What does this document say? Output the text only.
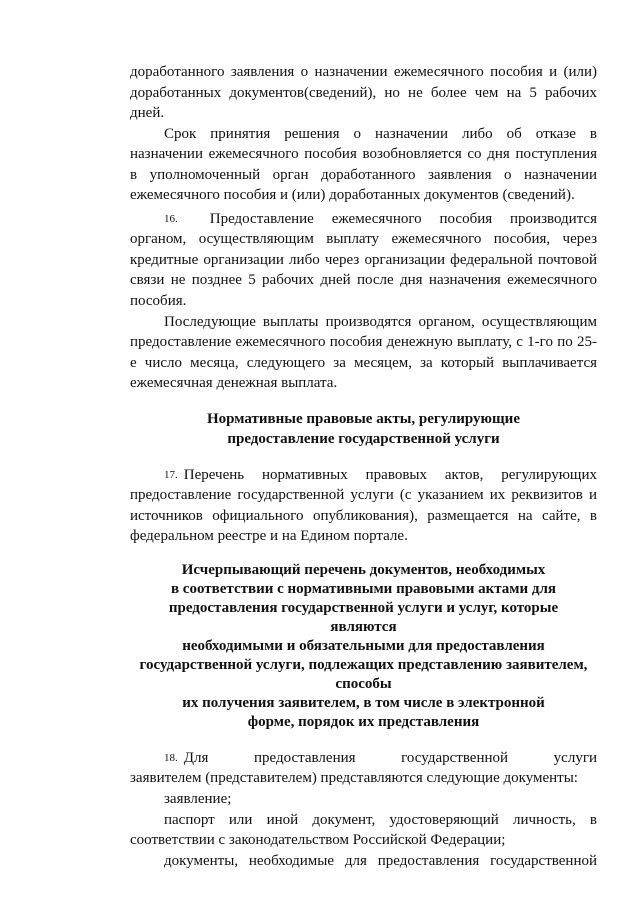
доработанного заявления о назначении ежемесячного пособия и (или)
доработанных документов(сведений), но не более чем на 5 рабочих
дней.
Срок принятия решения о назначении либо об отказе в
назначении ежемесячного пособия возобновляется со дня поступления
в уполномоченный орган доработанного заявления о назначении
ежемесячного пособия и (или) доработанных документов (сведений).
16. Предоставление ежемесячного пособия производится
органом, осуществляющим выплату ежемесячного пособия, через
кредитные организации либо через организации федеральной почтовой
связи не позднее 5 рабочих дней после дня назначения ежемесячного
пособия.
Последующие выплаты производятся органом, осуществляющим
предоставление ежемесячного пособия денежную выплату, с 1-го по 25-
е число месяца, следующего за месяцем, за который выплачивается
ежемесячная денежная выплата.
Нормативные правовые акты, регулирующие
предоставление государственной услуги
17. Перечень нормативных правовых актов, регулирующих
предоставление государственной услуги (с указанием их реквизитов и
источников официального опубликования), размещается на сайте, в
федеральном реестре и на Едином портале.
Исчерпывающий перечень документов, необходимых
в соответствии с нормативными правовыми актами для
предоставления государственной услуги и услуг, которые
являются
необходимыми и обязательными для предоставления
государственной услуги, подлежащих представлению заявителем,
способы
их получения заявителем, в том числе в электронной
форме, порядок их представления
18. Для предоставления государственной услуги
заявителем (представителем) представляются следующие документы:
заявление;
паспорт или иной документ, удостоверяющий личность, в
соответствии с законодательством Российской Федерации;
документы, необходимые для предоставления государственной
